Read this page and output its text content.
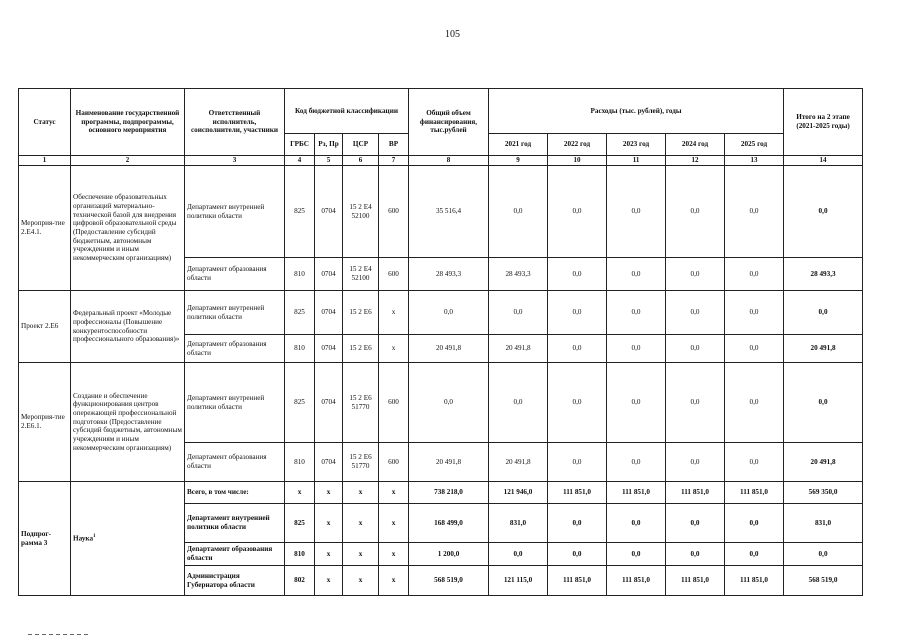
105
Статус	Наименование государственной программы, подпрограммы, основного мероприятия	Ответственный исполнитель, соисполнители, участники	Код бюджетной классификации				Общий объем финансирования, тыс.рублей	Расходы (тыс. рублей), годы					Итого на 2 этапе (2021-2025 годы)
			ГРБС	Рз, Пр	ЦСР	ВР		2021 год	2022 год	2023 год	2024 год	2025 год	
1	2	3	4	5	6	7	8	9	10	11	12	13	14
Мероприя-тие 2.Е4.1.	Обеспечение образовательных организаций материально-технической базой для внедрения цифровой образовательной среды (Предоставление субсидий бюджетным, автономным учреждениям и иным некоммерческим организациям)	Департамент внутренней политики области	825	0704	15 2 Е4 52100	600	35 516,4	0,0	0,0	0,0	0,0	0,0	0,0
		Департамент образования области	810	0704	15 2 Е4 52100	600	28 493,3	28 493,3	0,0	0,0	0,0	0,0	28 493,3
Проект 2.Е6	Федеральный проект «Молодые профессионалы (Повышение конкурентоспособности профессионального образования)»	Департамент внутренней политики области	825	0704	15 2 Е6	х	0,0	0,0	0,0	0,0	0,0	0,0	0,0
		Департамент образования области	810	0704	15 2 Е6	х	20 491,8	20 491,8	0,0	0,0	0,0	0,0	20 491,8
Мероприя-тие 2.Е6.1.	Создание и обеспечение функционирования центров опережающей профессиональной подготовки (Предоставление субсидий бюджетным, автономным учреждениям и иным некоммерческим организациям)	Департамент внутренней политики области	825	0704	15 2 Е6 51770	600	0,0	0,0	0,0	0,0	0,0	0,0	0,0
		Департамент образования области	810	0704	15 2 Е6 51770	600	20 491,8	20 491,8	0,0	0,0	0,0	0,0	20 491,8
Подпрог-рамма 3	Наука$^1$	Всего, в том числе:	х	х	х	х	738 218,0	121 946,0	111 851,0	111 851,0	111 851,0	111 851,0	569 350,0
		Департамент внутренней политики области	825	х	х	х	168 499,0	831,0	0,0	0,0	0,0	0,0	831,0
		Департамент образования области	810	х	х	х	1 200,0	0,0	0,0	0,0	0,0	0,0	0,0
		Администрация Губернатора области	802	х	х	х	568 519,0	121 115,0	111 851,0	111 851,0	111 851,0	111 851,0	568 519,0
